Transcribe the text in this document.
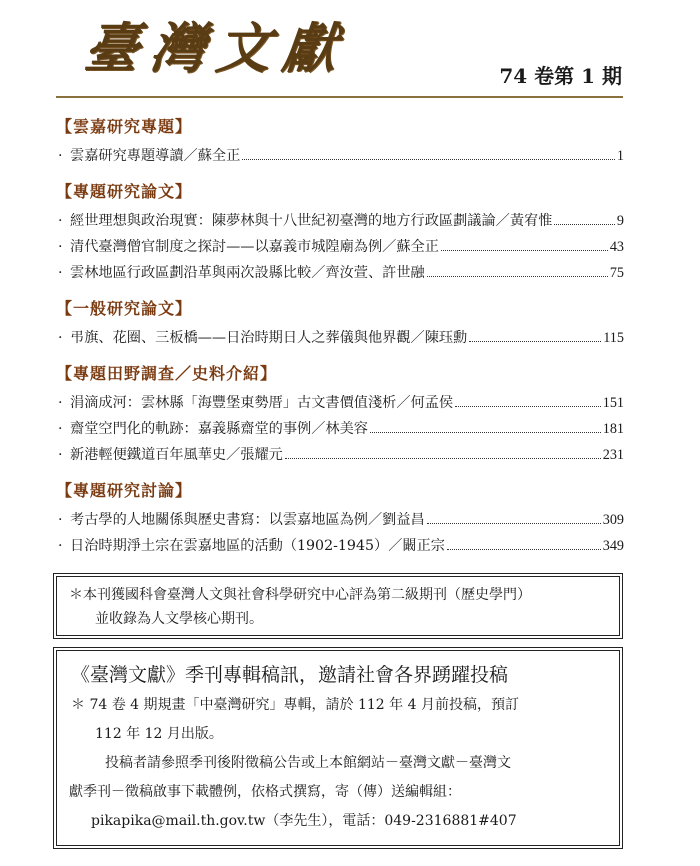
臺灣文獻	74 卷第 1 期
【雲嘉研究專題】
· 雲嘉研究專題導讀／蘇全正	1
【專題研究論文】
· 經世理想與政治現實：陳夢林與十八世紀初臺灣的地方行政區劃議論／黃宥惟	9
· 清代臺灣僧官制度之探討——以嘉義市城隍廟為例／蘇全正	43
· 雲林地區行政區劃沿革與兩次設縣比較／齊汝萱、許世融	75
【一般研究論文】
· 弔旗、花圈、三板橋——日治時期日人之葬儀與他界觀／陳珏勳	115
【專題田野調查／史料介紹】
· 涓滴成河：雲林縣「海豐堡東勢厝」古文書價值淺析／何孟侯	151
· 齋堂空門化的軌跡：嘉義縣齋堂的事例／林美容	181
· 新港輕便鐵道百年風華史／張耀元	231
【專題研究討論】
· 考古學的人地關係與歷史書寫：以雲嘉地區為例／劉益昌	309
· 日治時期淨土宗在雲嘉地區的活動（1902-1945）／闞正宗	349
＊本刊獲國科會臺灣人文與社會科學研究中心評為第二級期刊（歷史學門）
並收錄為人文學核心期刊。
《臺灣文獻》季刊專輯稿訊，邀請社會各界踴躍投稿
＊ 74 卷 4 期規畫「中臺灣研究」專輯，請於 112 年 4 月前投稿，預訂
112 年 12 月出版。
投稿者請參照季刊後附徵稿公告或上本館網站－臺灣文獻－臺灣文
獻季刊－徵稿啟事下載體例，依格式撰寫，寄（傳）送編輯組：
pikapika@mail.th.gov.tw（李先生），電話：049-2316881#407
